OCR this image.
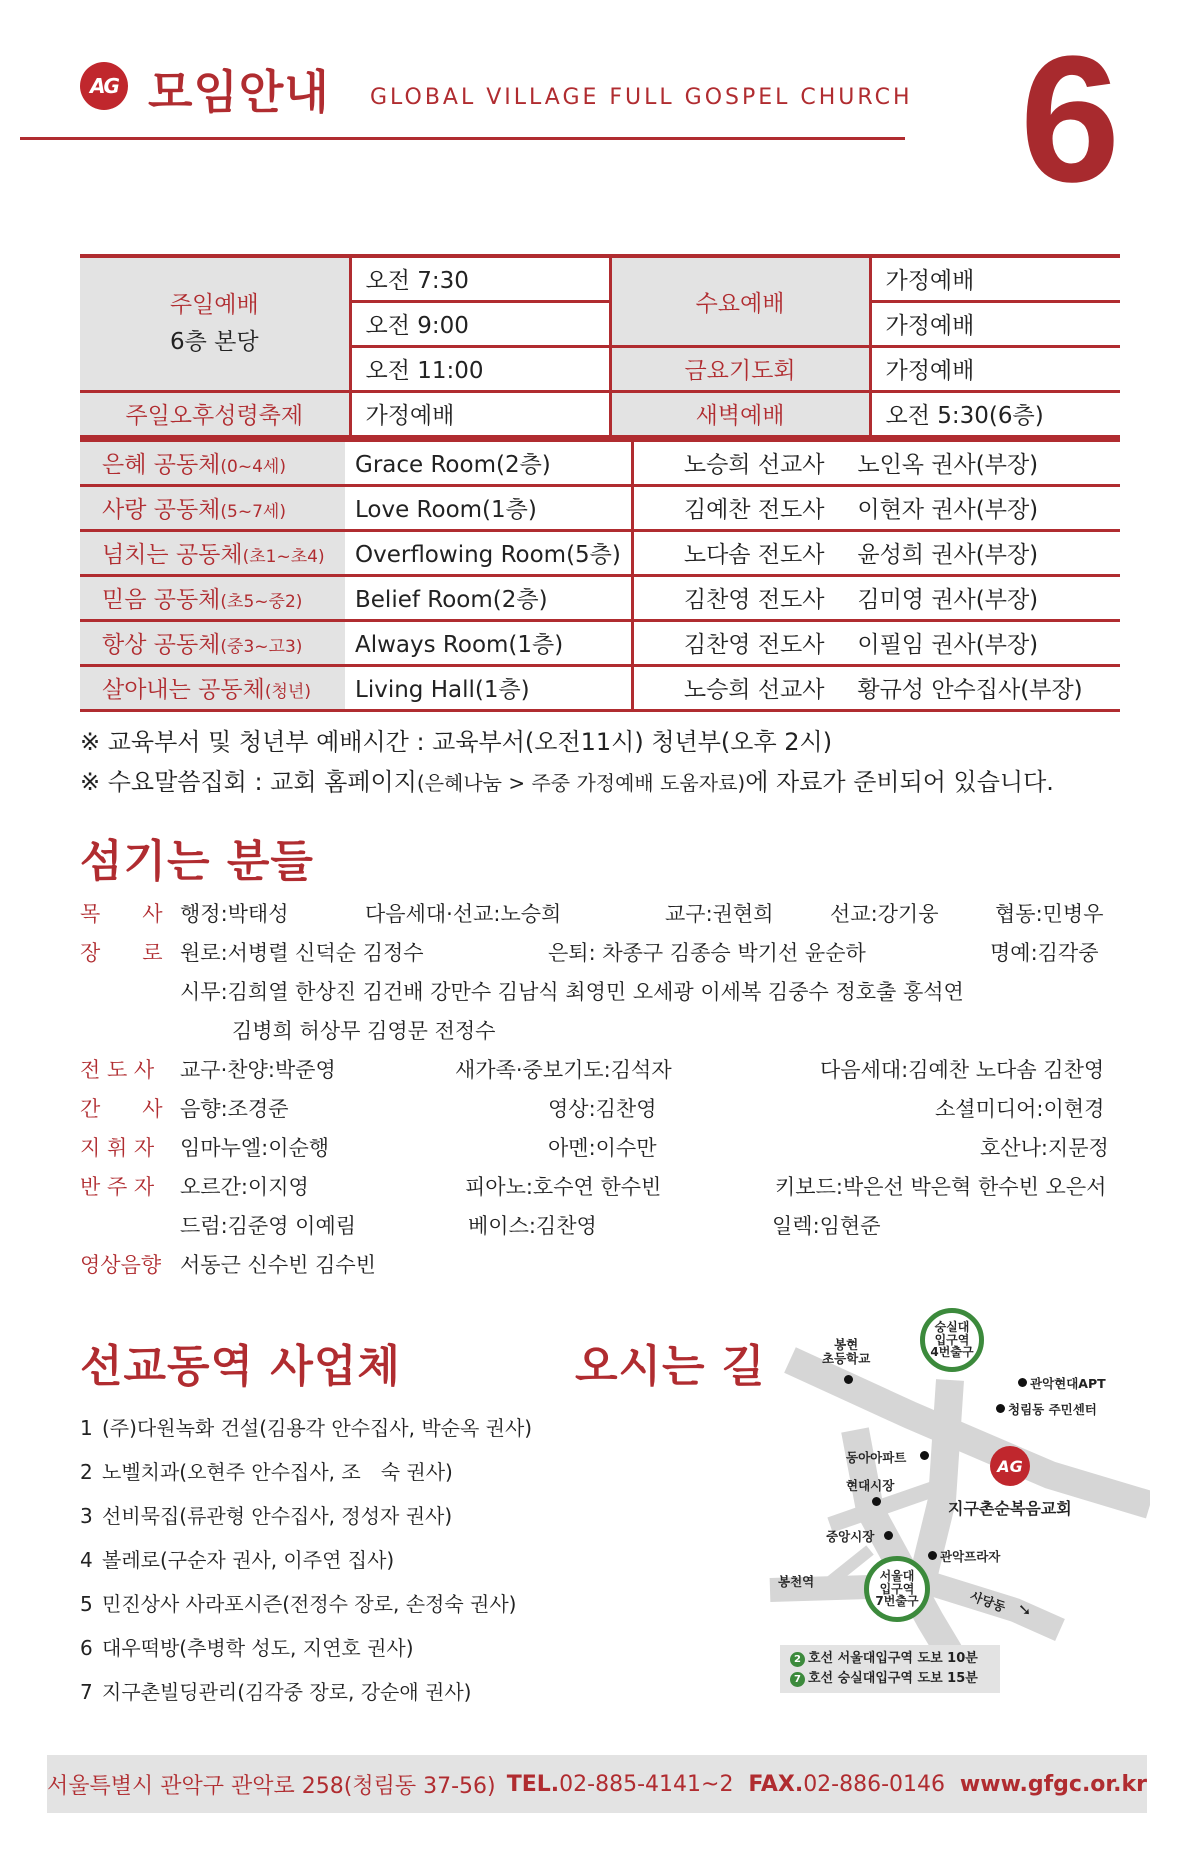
AG 모임안내 GLOBAL VILLAGE FULL GOSPEL CHURCH 6
주일예배
6층 본당	오전 7:30	수요예배	가정예배
	오전 9:00		가정예배
	오전 11:00	금요기도회	가정예배
주일오후성령축제	가정예배	새벽예배	오전 5:30(6층)
은혜 공동체(0~4세)	Grace Room(2층)	노승희 선교사	노인옥 권사(부장)
사랑 공동체(5~7세)	Love Room(1층)	김예찬 전도사	이현자 권사(부장)
넘치는 공동체(초1~초4)	Overflowing Room(5층)	노다솜 전도사	윤성희 권사(부장)
믿음 공동체(초5~중2)	Belief Room(2층)	김찬영 전도사	김미영 권사(부장)
항상 공동체(중3~고3)	Always Room(1층)	김찬영 전도사	이필임 권사(부장)
살아내는 공동체(청년)	Living Hall(1층)	노승희 선교사	황규성 안수집사(부장)
※ 교육부서 및 청년부 예배시간 : 교육부서(오전11시) 청년부(오후 2시)
※ 수요말씀집회 : 교회 홈페이지(은혜나눔 > 주중 가정예배 도움자료)에 자료가 준비되어 있습니다.
섬기는 분들
목　　사 행정:박태성	다음세대·선교:노승희	교구:권현희	선교:강기웅	협동:민병우
장　　로 원로:서병렬 신덕순 김정수	은퇴: 차종구 김종승 박기선 윤순하	명예:김각중
시무:김희열 한상진 김건배 강만수 김남식 최영민 오세광 이세복 김중수 정호출 홍석연
김병희 허상무 김영문 전정수
전 도 사 교구·찬양:박준영	새가족·중보기도:김석자	다음세대:김예찬 노다솜 김찬영
간　　사 음향:조경준	영상:김찬영	소셜미디어:이현경
지 휘 자 임마누엘:이순행	아멘:이수만	호산나:지문정
반 주 자 오르간:이지영	피아노:호수연 한수빈	키보드:박은선 박은혁 한수빈 오은서
드럼:김준영 이예림	베이스:김찬영	일렉:임현준
영상음향 서동근 신수빈 김수빈
선교동역 사업체
1 (주)다원녹화 건설(김용각 안수집사, 박순옥 권사)
2 노벨치과(오현주 안수집사, 조　숙 권사)
3 선비묵집(류관형 안수집사, 정성자 권사)
4 볼레로(구순자 권사, 이주연 집사)
5 민진상사 사라포시즌(전정수 장로, 손정숙 권사)
6 대우떡방(추병학 성도, 지연호 권사)
7 지구촌빌딩관리(김각중 장로, 강순애 권사)
오시는 길	봉현
초등학교
숭실대
입구역
4번출구
관악현대APT
청림동 주민센터
동아아파트
현대시장
AG
지구촌순복음교회
중앙시장
관악프라자
봉천역	서울대
입구역
7번출구	사당동 ➘
2 호선 서울대입구역 도보 10분
7 호선 숭실대입구역 도보 15분
서울특별시 관악구 관악로 258(청림동 37-56) TEL. 02-885-4141~2 FAX. 02-886-0146 www.gfgc.or.kr
